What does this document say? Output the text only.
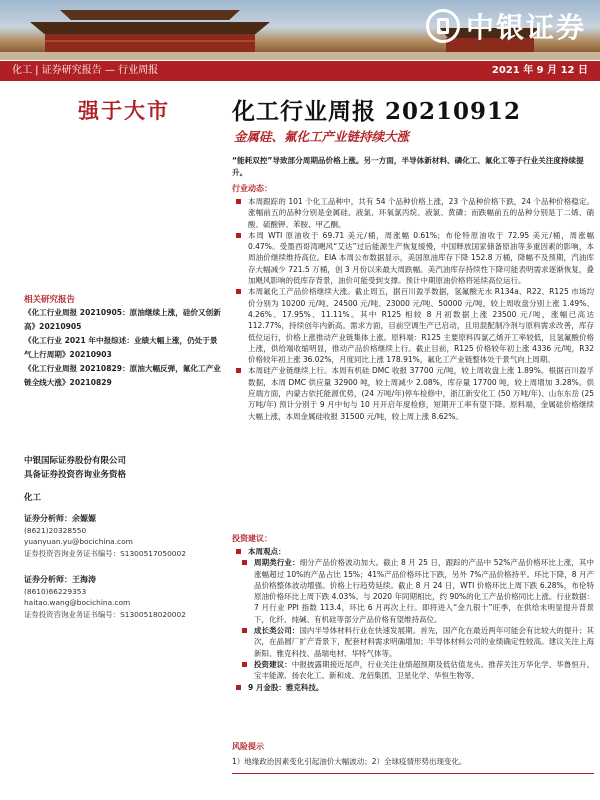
中银证券
化工 | 证券研究报告 — 行业周报	2021 年 9 月 12 日
强于大市
相关研究报告
《化工行业周报 20210905：原油继续上涨，硅价又创新高》20210905
《化工行业 2021 年中报综述：业绩大幅上涨，仍处于景气上行周期》20210903
《化工行业周报 20210829：原油大幅反弹，氟化工产业链全线大涨》20210829
中银国际证券股份有限公司
具备证券投资咨询业务资格
化工
证券分析师：余嫄嫄
(8621)20328550
yuanyuan.yu@bocichina.com
证券投资咨询业务证书编号：S1300517050002
证券分析师：王海涛
(8610)66229353
haitao.wang@bocichina.com
证券投资咨询业务证书编号：S1300518020002
化工行业周报 20210912
金属硅、氟化工产业链持续大涨
“能耗双控”导致部分周期品价格上涨。另一方面，半导体新材料、磷化工、氟化工等子行业关注度持续提升。
行业动态：
本周跟踪的 101 个化工品种中，共有 54 个品种价格上涨，23 个品种价格下跌，24 个品种价格稳定。涨幅前五的品种分别是金属硅、液氯、环氧氯丙烷、液氯、黄磷；而跌幅前五的品种分别是丁二烯、硝酸、硫酸钾、苯胺、甲乙酮。
本周 WTI 原油收于 69.71 美元/桶，周涨幅 0.61%；布伦特原油收于 72.95 美元/桶，周涨幅 0.47%。受墨西哥湾飓风“艾达”过后能源生产恢复缓慢，中国释放国家储备原油等多重因素的影响，本周油价继续维持高位。EIA 本周公布数据显示，美国原油库存下降 152.8 万桶，降幅不及预期，汽油库存大幅减少 721.5 万桶，创 3 月份以来最大周跌幅。美汽油库存持续性下降可能表明需求逐渐恢复，叠加飓风影响的低库存背景，油价可能受到支撑。预计中期原油价格将延续高位运行。
本周氟化工产品价格继续大涨。截止周五，据百川盈孚数据，氢氟酸无水 R134a、R22、R125 市场均价分别为 10200 元/吨、24500 元/吨、23000 元/吨、50000 元/吨，较上周收盘分别上涨 1.49%、4.26%、17.95%、11.11%。其中 R125 相较 8 月初数据上涨 23500 元/吨，涨幅已高达 112.77%，持续创年内新高。需求方面，目前空调生产已启动，且用混配制冷剂与原料需求改善，库存低位运行，价格上涨推动产业链集体上涨。原料端：R125 主要原料四氯乙烯开工率较低，且氢氟酸价格上涨，供给端收缩明显，推动产品价格继续上行。截止目前，R125 价格较年初上涨 4336 元/吨，R32 价格较年初上涨 36.02%，月度同比上涨 178.91%，氟化工产业链整体处于景气向上周期。
本周硅产业链继续上行。本周有机硅 DMC 收报 37700 元/吨，较上周收盘上涨 1.89%。根据百川盈孚数据，本周 DMC 供应量 32900 吨，较上周减少 2.08%，库存量 17700 吨，较上周增加 3.28%。供应端方面，内蒙古依托能源优势，(24 万吨/年)停车检修中，浙江新安化工 (50 万吨/年)、山东东岳 (25 万吨/年) 预计分别于 9 月中旬与 10 月开启年度检修，短期开工率有望下降。原料端，金属硅价格继续大幅上涨，本周金属硅收报 31500 元/吨，较上周上涨 8.62%。
投资建议：
本周观点：
周期类行业：细分产品价格波动加大。截止 8 月 25 日，跟踪的产品中 52%产品价格环比上涨，其中涨幅超过 10%的产品占比 15%；41%产品价格环比下跌，另外 7%产品价格持平。环比下降，8 月产品价格整体波动增强。价格上行趋势延续。截止 8 月 24 日，WTI 价格环比上周下跌 6.28%，布伦特原油价格环比上周下跌 4.03%。与 2020 年同期相比，约 90%的化工产品价格同比上涨。行业数据：7 月行业 PPI 指数 113.4，环比 6 月再次上行。即将进入“金九银十”旺季，在供给未明显提升背景下，化纤、纯碱、有机硅等部分产品价格有望维持高位。
成长类公司：国内半导体材料行业在快速发展期。首先，国产化在最近两年可能会有比较大的提升；其次，在晶圆厂扩产背景下，配套材料需求明确增加；半导体材料公司的业绩确定性较高。建议关注上海新阳、雅克科技、晶瑞电材、华特气体等。
投资建议：中报披露期接近尾声，行业关注业绩超预期及低估值龙头。推荐关注万华化学、华鲁恒升、宝丰能源、扬农化工、新和成、龙佰集团、卫星化学、华恒生物等。
9 月金股：雅克科技。
风险提示
1）地缘政治因素变化引起油价大幅波动；2）全球疫情形势出现变化。
